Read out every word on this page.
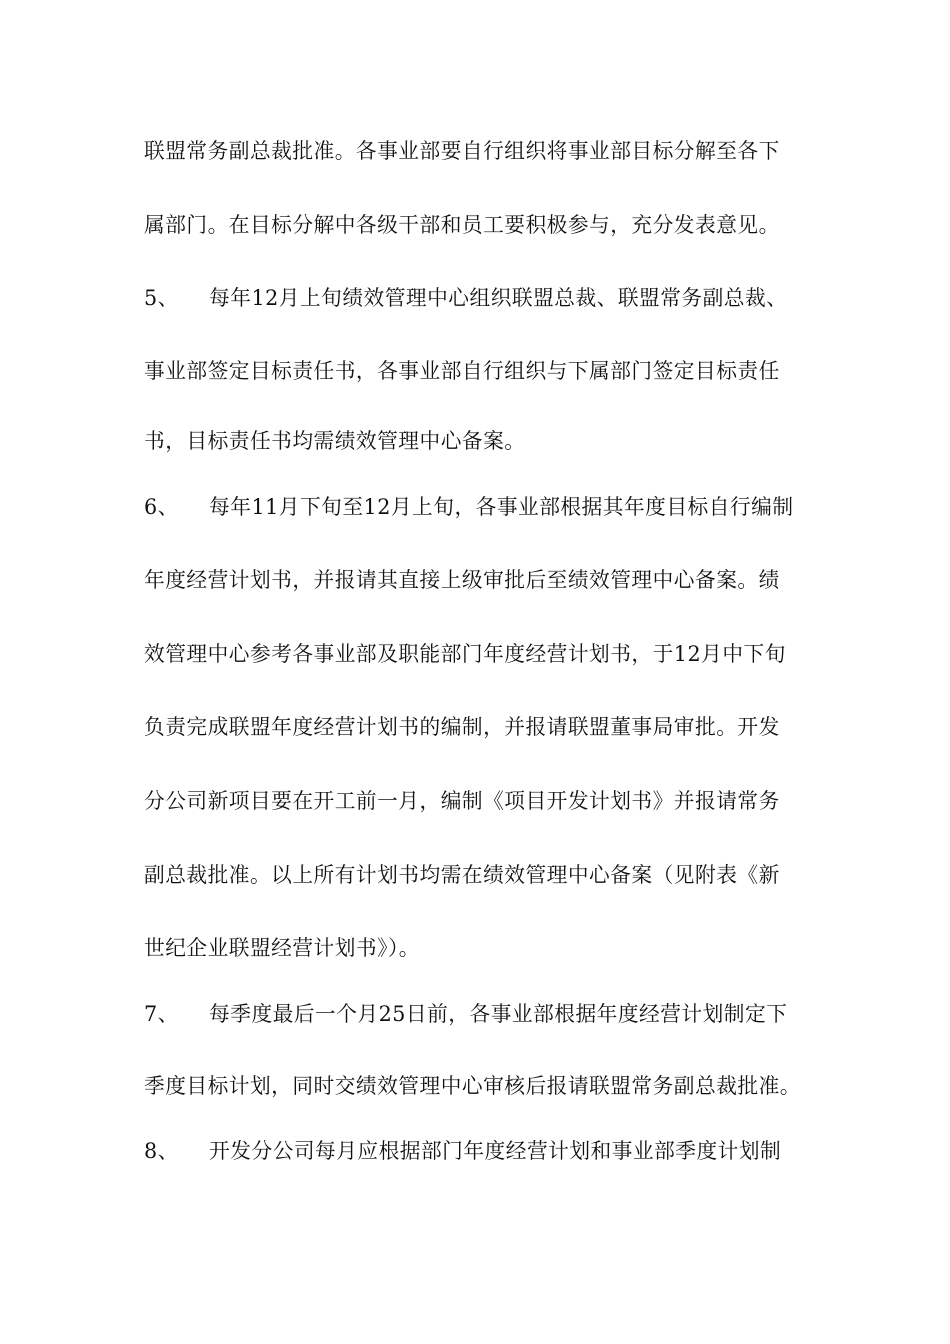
联盟常务副总裁批准。各事业部要自行组织将事业部目标分解至各下
属部门。在目标分解中各级干部和员工要积极参与，充分发表意见。
5、 每年12月上旬绩效管理中心组织联盟总裁、联盟常务副总裁、
事业部签定目标责任书，各事业部自行组织与下属部门签定目标责任
书，目标责任书均需绩效管理中心备案。
6、 每年11月下旬至12月上旬，各事业部根据其年度目标自行编制
年度经营计划书，并报请其直接上级审批后至绩效管理中心备案。绩
效管理中心参考各事业部及职能部门年度经营计划书，于12月中下旬
负责完成联盟年度经营计划书的编制，并报请联盟董事局审批。开发
分公司新项目要在开工前一月，编制《项目开发计划书》并报请常务
副总裁批准。以上所有计划书均需在绩效管理中心备案（见附表《新
世纪企业联盟经营计划书》）。
7、 每季度最后一个月25日前，各事业部根据年度经营计划制定下
季度目标计划，同时交绩效管理中心审核后报请联盟常务副总裁批准。
8、 开发分公司每月应根据部门年度经营计划和事业部季度计划制
